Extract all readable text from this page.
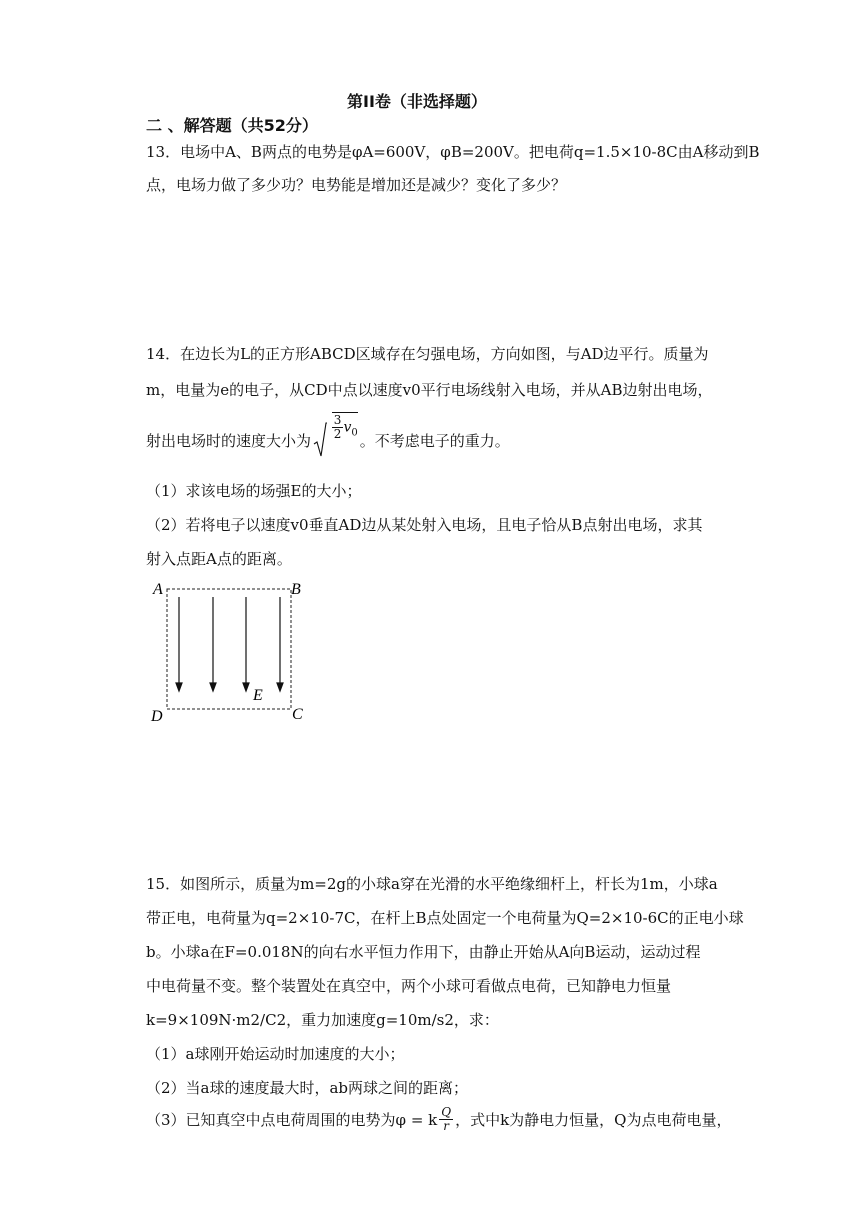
第II卷（非选择题）
二 、解答题（共52分）
13．电场中A、B两点的电势是φA=600V，φB=200V。把电荷q=1.5×10-8C由A移动到B
点，电场力做了多少功？电势能是增加还是减少？变化了多少？
14．在边长为L的正方形ABCD区域存在匀强电场，方向如图，与AD边平行。质量为
m，电量为e的电子，从CD中点以速度v0平行电场线射入电场，并从AB边射出电场，
射出电场时的速度大小为
$\frac{3}{2} v_0$ 。不考虑电子的重力。
（1）求该电场的场强E的大小；
（2）若将电子以速度v0垂直AD边从某处射入电场，且电子恰从B点射出电场，求其
射入点距A点的距离。
A	B
E
D	C
15．如图所示，质量为m=2g的小球a穿在光滑的水平绝缘细杆上，杆长为1m，小球a
带正电，电荷量为q=2×10-7C，在杆上B点处固定一个电荷量为Q=2×10-6C的正电小球
b。小球a在F=0.018N的向右水平恒力作用下，由静止开始从A向B运动，运动过程
中电荷量不变。整个装置处在真空中，两个小球可看做点电荷，已知静电力恒量
k=9×109N·m2/C2，重力加速度g=10m/s2，求：
（1）a球刚开始运动时加速度的大小；
（2）当a球的速度最大时，ab两球之间的距离；
（3）已知真空中点电荷周围的电势为φ = k $\frac{Q}{r}$ ，式中k为静电力恒量，Q为点电荷电量，
